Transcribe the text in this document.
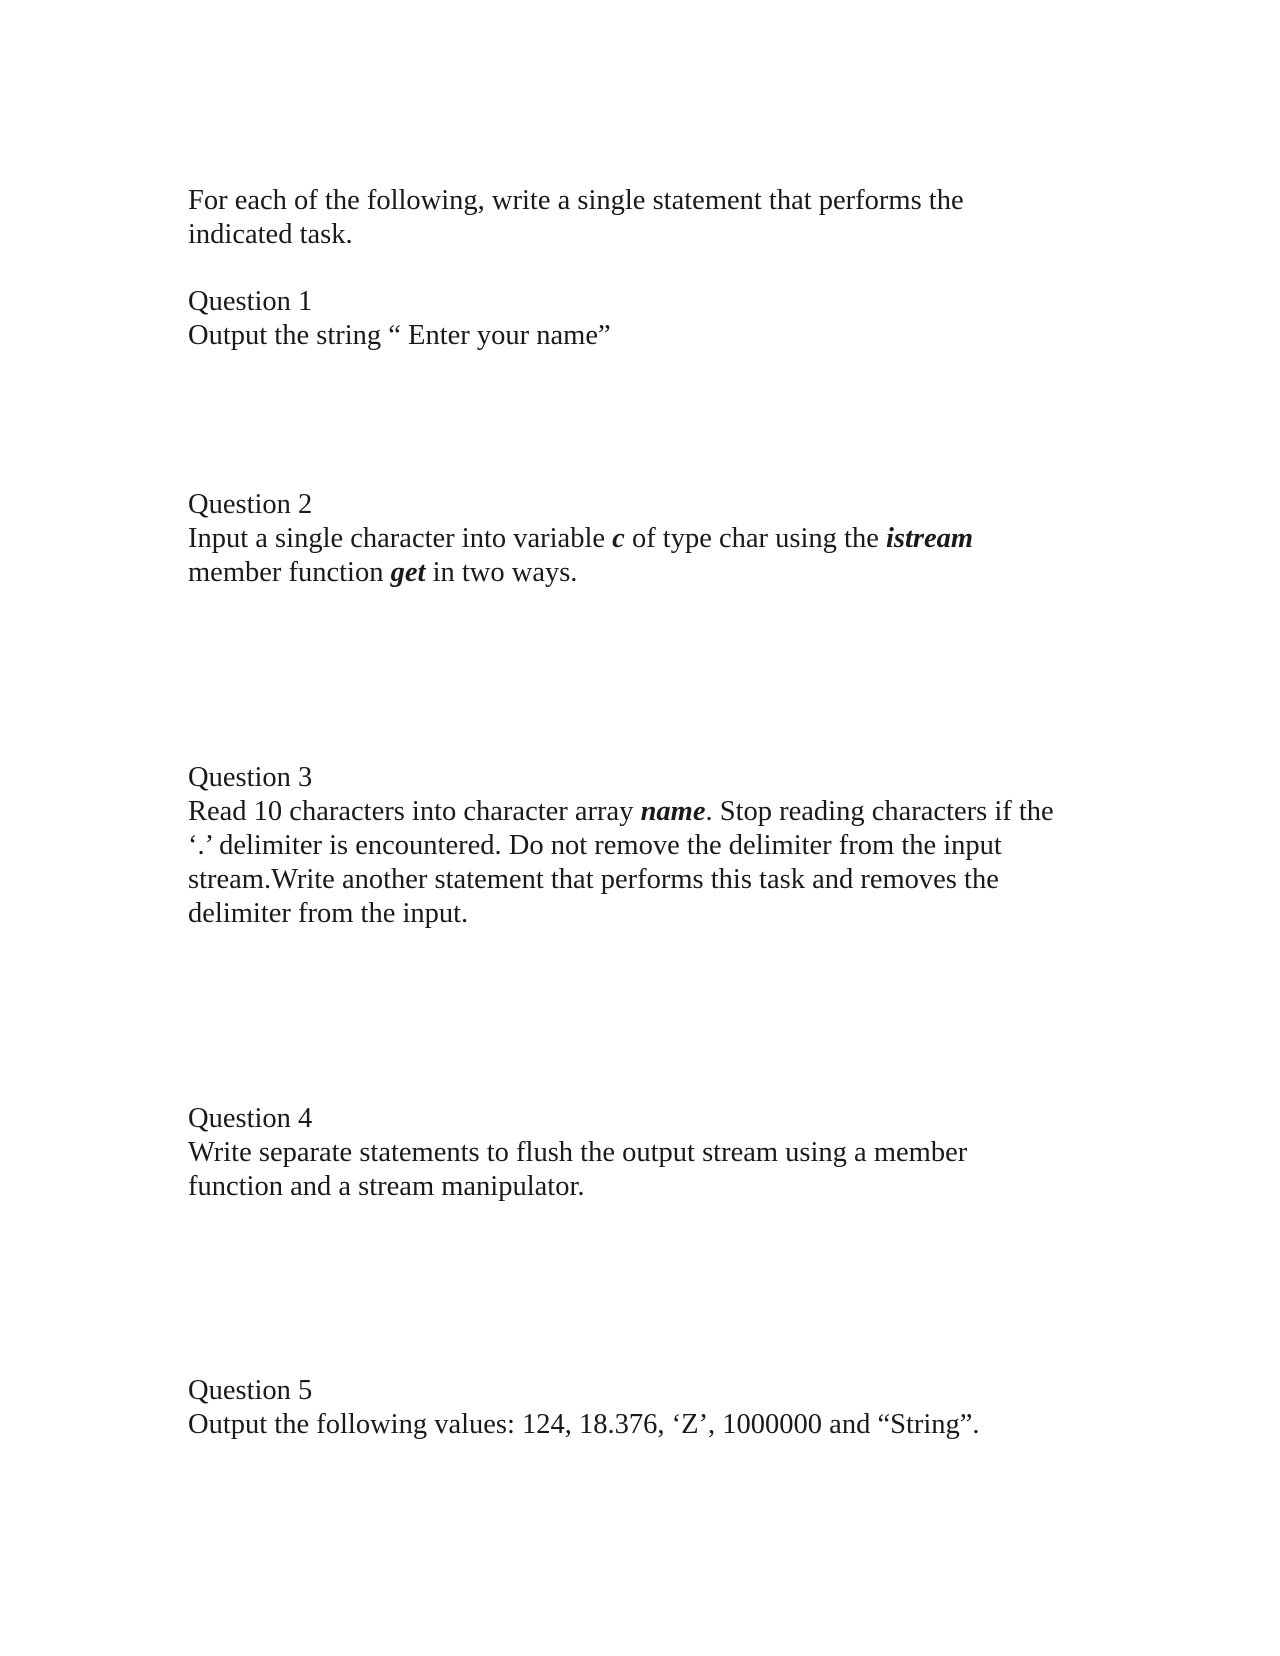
For each of the following, write a single statement that performs the
indicated task.

Question 1
Output the string “ Enter your name”

Question 2
Input a single character into variable c of type char using the istream
member function get in two ways.

Question 3
Read 10 characters into character array name. Stop reading characters if the
‘.’ delimiter is encountered. Do not remove the delimiter from the input
stream.Write another statement that performs this task and removes the
delimiter from the input.

Question 4
Write separate statements to flush the output stream using a member
function and a stream manipulator.

Question 5
Output the following values: 124, 18.376, ‘Z’, 1000000 and “String”.
